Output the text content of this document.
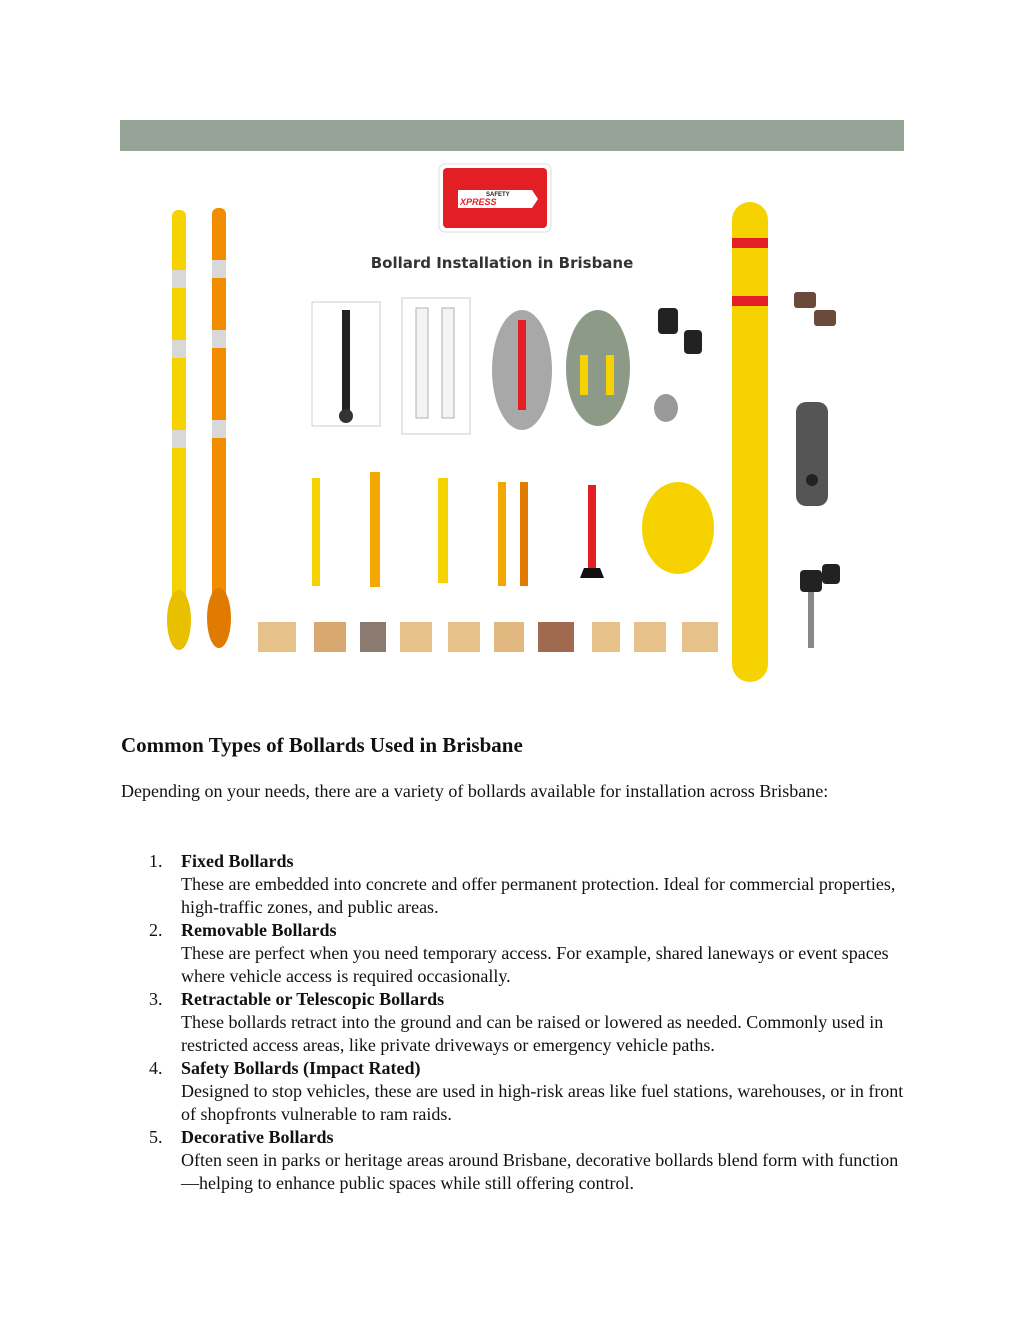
SAFETY
XPRESS
Bollard Installation in Brisbane
Common Types of Bollards Used in Brisbane

Depending on your needs, there are a variety of bollards available for installation across Brisbane:

1. Fixed Bollards
These are embedded into concrete and offer permanent protection. Ideal for commercial properties, high-traffic zones, and public areas.
2. Removable Bollards
These are perfect when you need temporary access. For example, shared laneways or event spaces where vehicle access is required occasionally.
3. Retractable or Telescopic Bollards
These bollards retract into the ground and can be raised or lowered as needed. Commonly used in restricted access areas, like private driveways or emergency vehicle paths.
4. Safety Bollards (Impact Rated)
Designed to stop vehicles, these are used in high-risk areas like fuel stations, warehouses, or in front of shopfronts vulnerable to ram raids.
5. Decorative Bollards
Often seen in parks or heritage areas around Brisbane, decorative bollards blend form with function—helping to enhance public spaces while still offering control.
